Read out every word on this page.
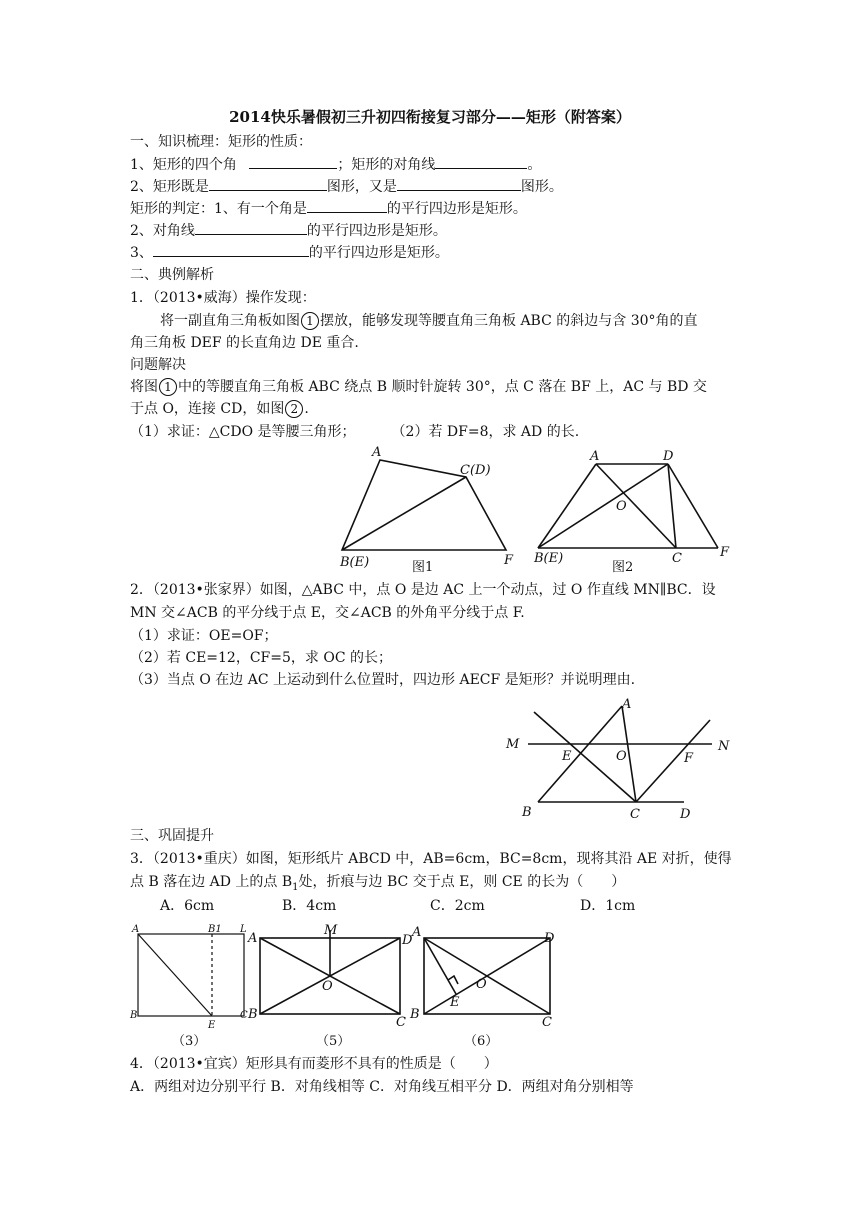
2014快乐暑假初三升初四衔接复习部分——矩形（附答案）
一、知识梳理：矩形的性质：
1、矩形的四个角	；矩形的对角线	。
2、矩形既是	图形，又是	图形。
矩形的判定：1、有一个角是	的平行四边形是矩形。
2、对角线	的平行四边形是矩形。
3、	的平行四边形是矩形。
二、典例解析
1．（2013•威海）操作发现：
将一副直角三角板如图 1 摆放，能够发现等腰直角三角板 ABC 的斜边与含 30°角的直
角三角板 DEF 的长直角边 DE 重合.
问题解决
将图 1 中的等腰直角三角板 ABC 绕点 B 顺时针旋转 30°，点 C 落在 BF 上，AC 与 BD 交
于点 O，连接 CD，如图 2 .
（1）求证：△CDO 是等腰三角形；	（2）若 DF=8，求 AD 的长.
A
C(D)
B(E)	F
图1
A	D
O
B(E)	C	F
图2
2．（2013•张家界）如图，△ABC 中，点 O 是边 AC 上一个动点，过 O 作直线 MN∥BC．设
MN 交∠ACB 的平分线于点 E，交∠ACB 的外角平分线于点 F.
（1）求证：OE=OF；
（2）若 CE=12，CF=5，求 OC 的长；
（3）当点 O 在边 AC 上运动到什么位置时，四边形 AECF 是矩形？并说明理由.
A
M
E	O	F
N
B	C	D
三、巩固提升
3．（2013•重庆）如图，矩形纸片 ABCD 中，AB=6cm，BC=8cm，现将其沿 AE 对折，使得
点 B 落在边 AD 上的点 $B_1$处，折痕与边 BC 交于点 E，则 CE 的长为（　　）
A．6cm	B．4cm	C．2cm	D．1cm
A	B1 L
B
E
C
（3）
A
M
D
O
B
C
（5）
A	D
O
E
B
C
（6）
4．（2013•宜宾）矩形具有而菱形不具有的性质是（　　）
A．两组对边分别平行 B．对角线相等 C．对角线互相平分 D．两组对角分别相等
